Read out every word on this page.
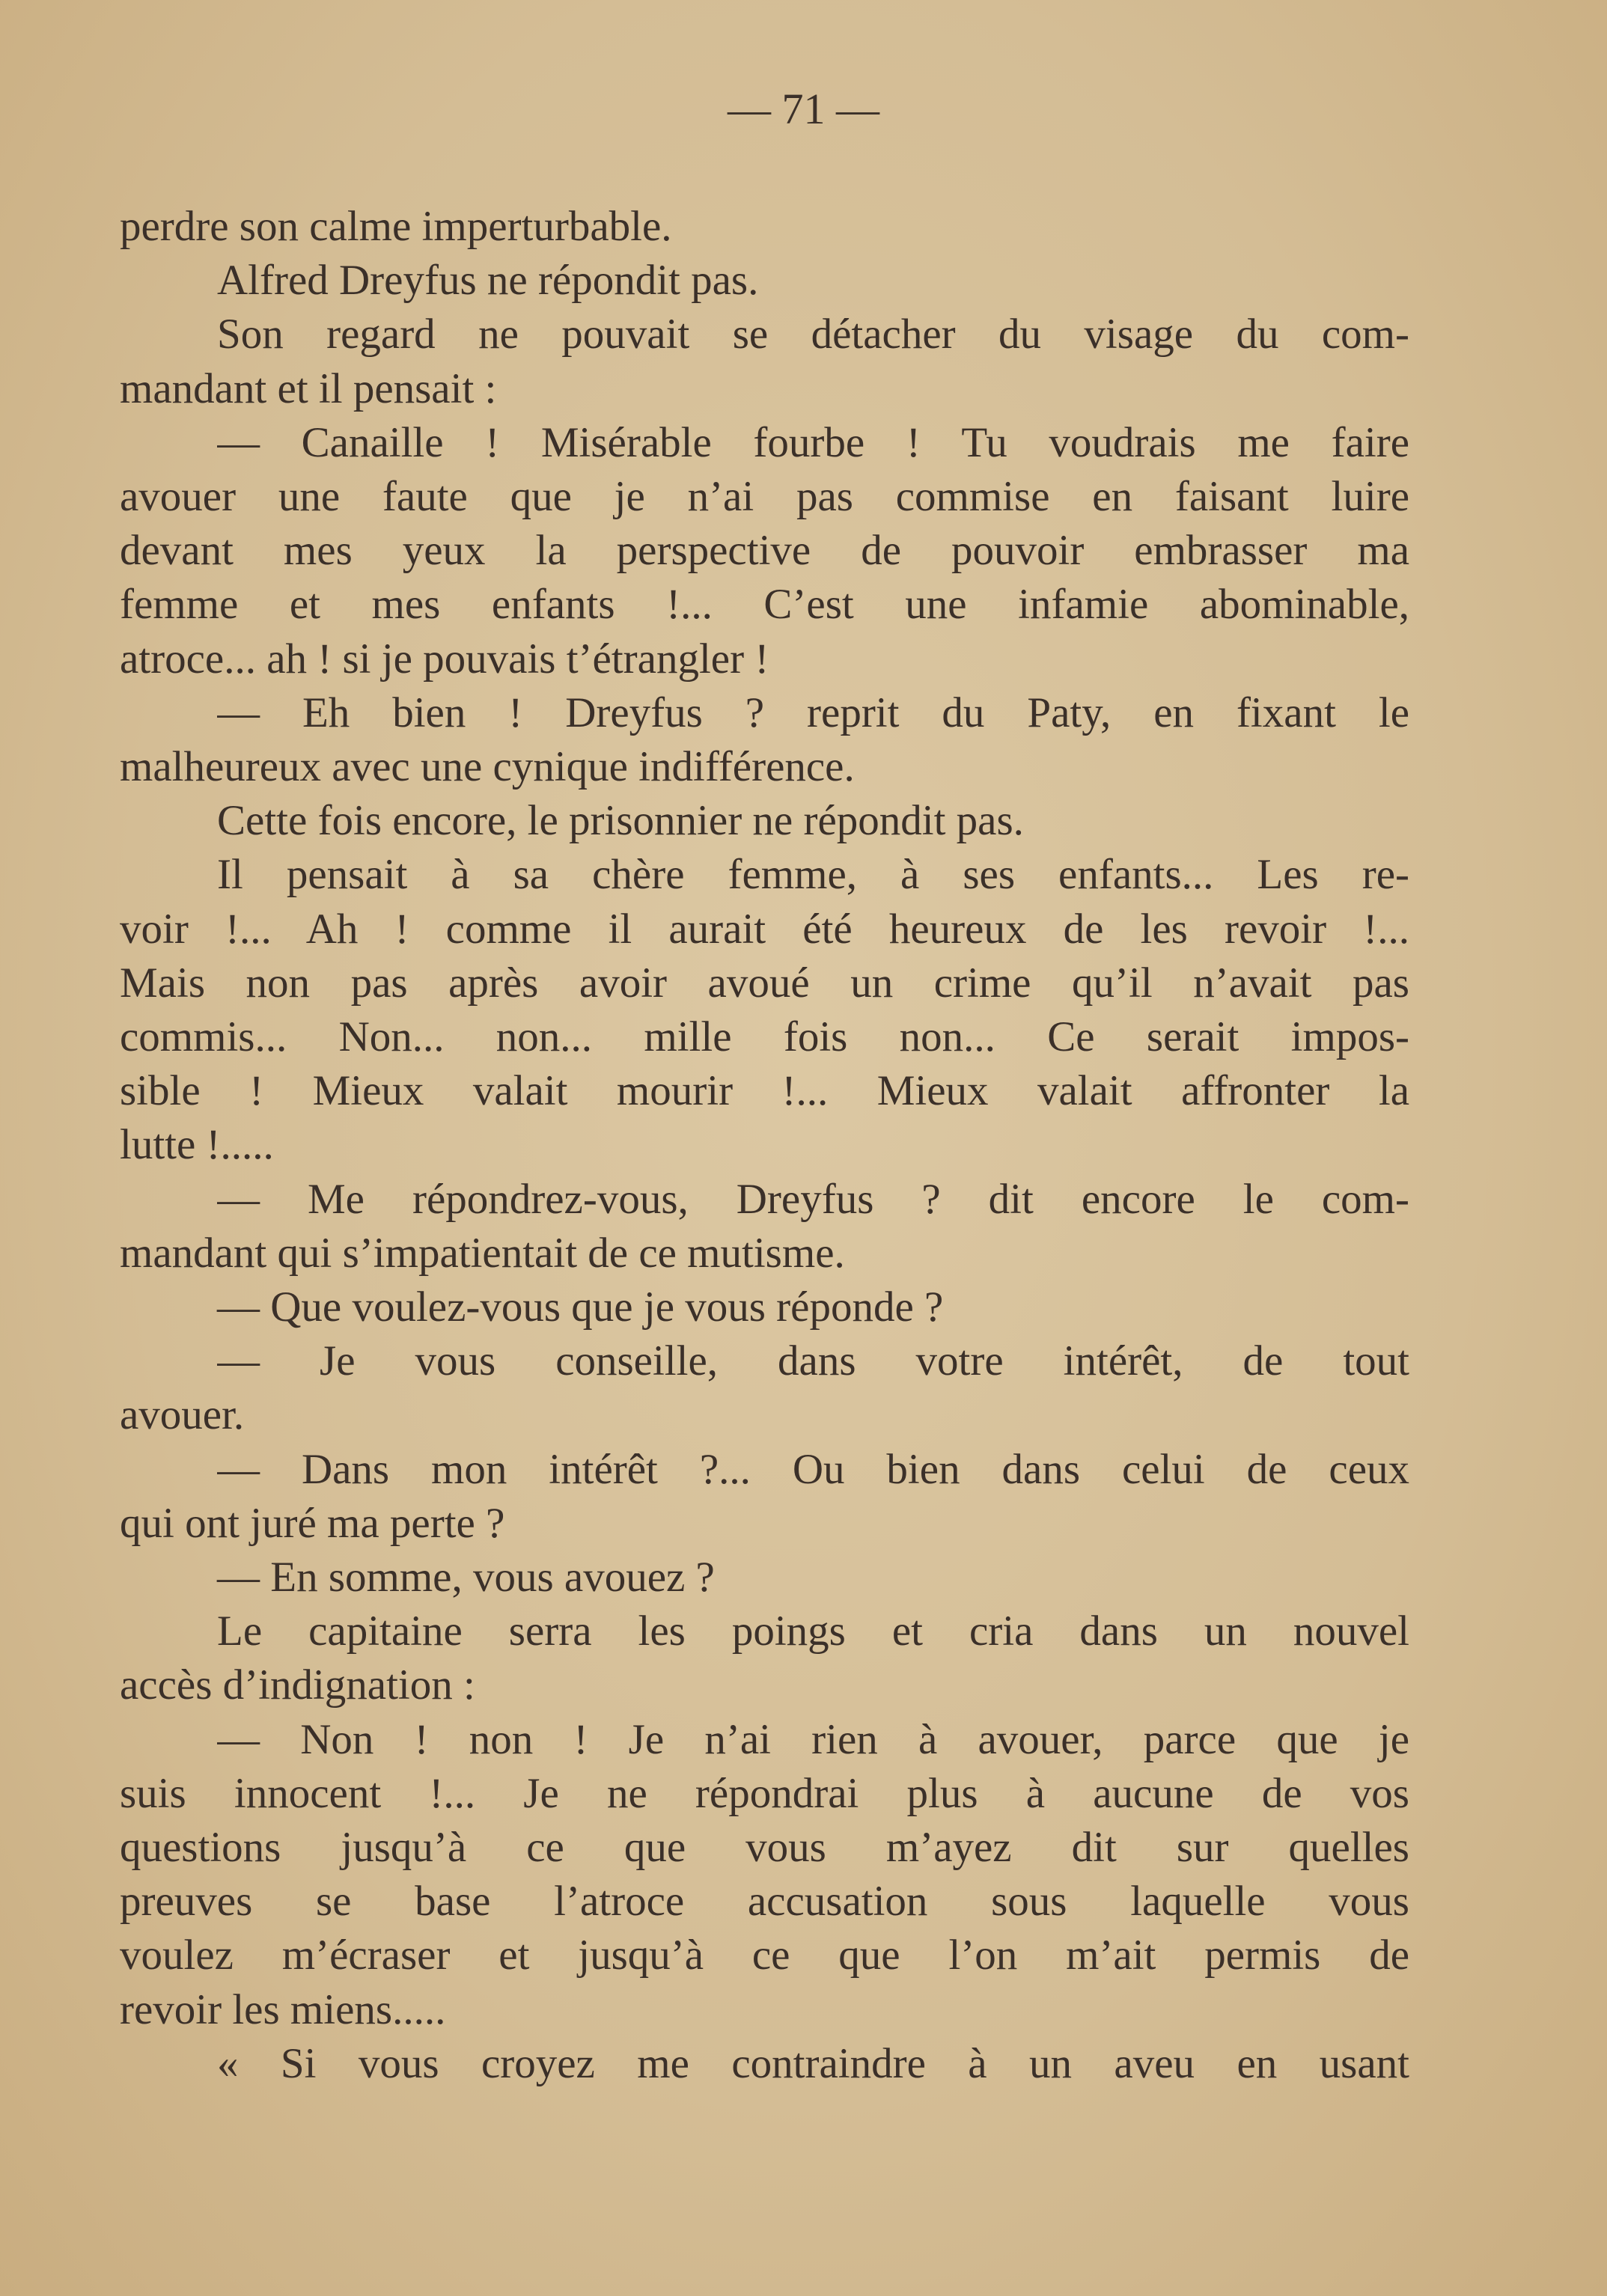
— 71 —
perdre son calme imperturbable.
Alfred Dreyfus ne répondit pas.
Son regard ne pouvait se détacher du visage du com-
mandant et il pensait :
— Canaille ! Misérable fourbe ! Tu voudrais me faire
avouer une faute que je n’ai pas commise en faisant luire
devant mes yeux la perspective de pouvoir embrasser ma
femme et mes enfants !... C’est une infamie abominable,
atroce... ah ! si je pouvais t’étrangler !
— Eh bien ! Dreyfus ? reprit du Paty, en fixant le
malheureux avec une cynique indifférence.
Cette fois encore, le prisonnier ne répondit pas.
Il pensait à sa chère femme, à ses enfants... Les re-
voir !... Ah ! comme il aurait été heureux de les revoir !...
Mais non pas après avoir avoué un crime qu’il n’avait pas
commis... Non... non... mille fois non... Ce serait impos-
sible ! Mieux valait mourir !... Mieux valait affronter la
lutte !.....
— Me répondrez-vous, Dreyfus ? dit encore le com-
mandant qui s’impatientait de ce mutisme.
— Que voulez-vous que je vous réponde ?
— Je vous conseille, dans votre intérêt, de tout
avouer.
— Dans mon intérêt ?... Ou bien dans celui de ceux
qui ont juré ma perte ?
— En somme, vous avouez ?
Le capitaine serra les poings et cria dans un nouvel
accès d’indignation :
— Non ! non ! Je n’ai rien à avouer, parce que je
suis innocent !... Je ne répondrai plus à aucune de vos
questions jusqu’à ce que vous m’ayez dit sur quelles
preuves se base l’atroce accusation sous laquelle vous
voulez m’écraser et jusqu’à ce que l’on m’ait permis de
revoir les miens.....
« Si vous croyez me contraindre à un aveu en usant
